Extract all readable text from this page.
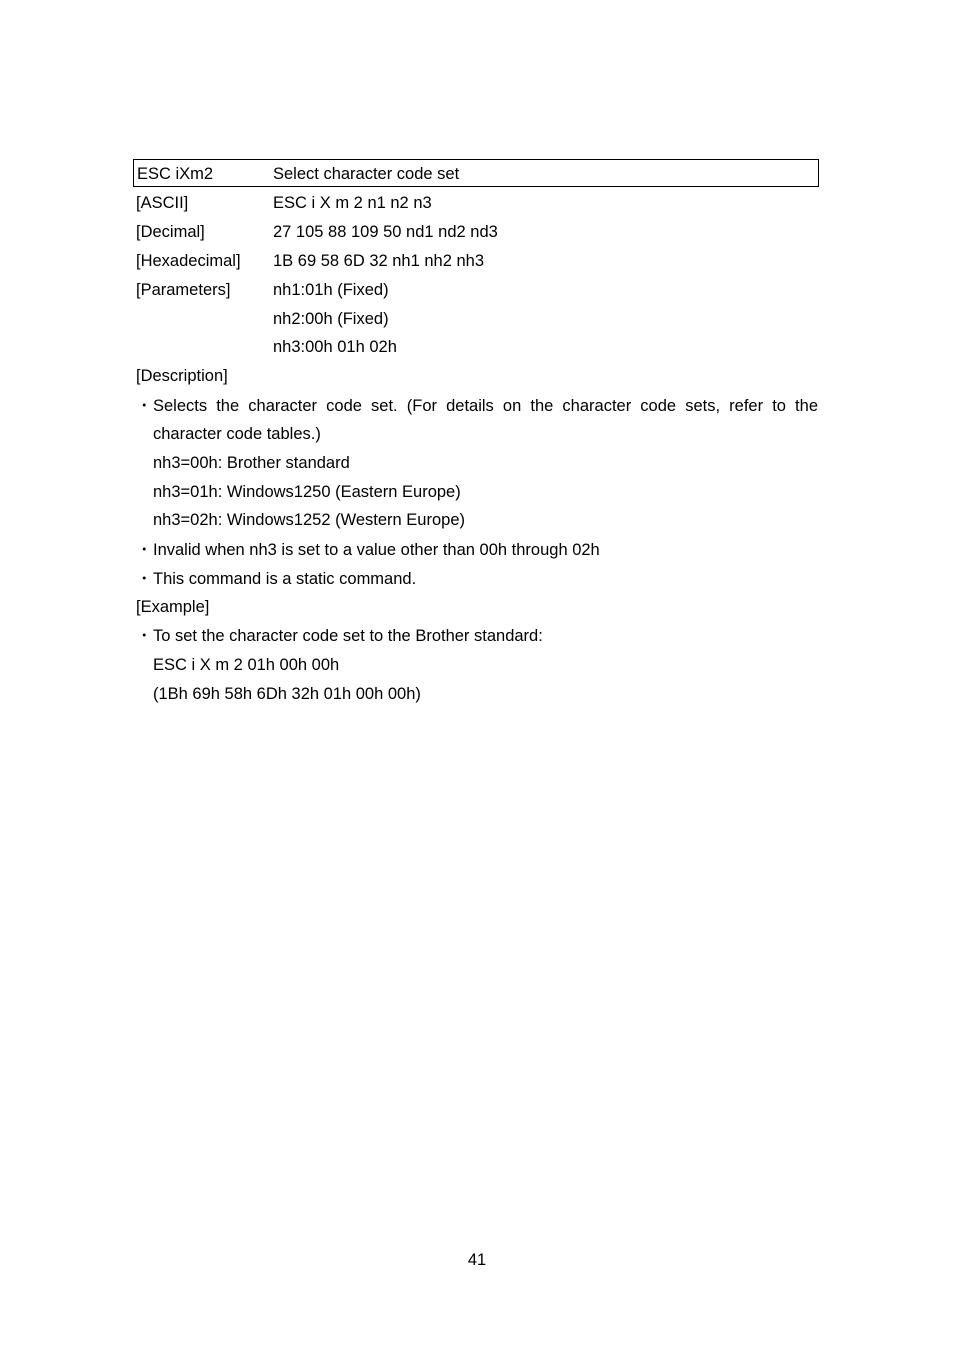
ESC iXm2	Select character code set
[ASCII]	ESC i X m 2 n1 n2 n3
[Decimal]	27 105 88 109 50 nd1 nd2 nd3
[Hexadecimal] 1B 69 58 6D 32 nh1 nh2 nh3
[Parameters]	nh1:01h (Fixed)
nh2:00h (Fixed)
nh3:00h 01h 02h
[Description]
・ Selects the character code set. (For details on the character code sets, refer to the
character code tables.)
nh3=00h: Brother standard
nh3=01h: Windows1250 (Eastern Europe)
nh3=02h: Windows1252 (Western Europe)
・Invalid when nh3 is set to a value other than 00h through 02h
・This command is a static command.
[Example]
・To set the character code set to the Brother standard:
ESC i X m 2 01h 00h 00h
(1Bh 69h 58h 6Dh 32h 01h 00h 00h)
41
